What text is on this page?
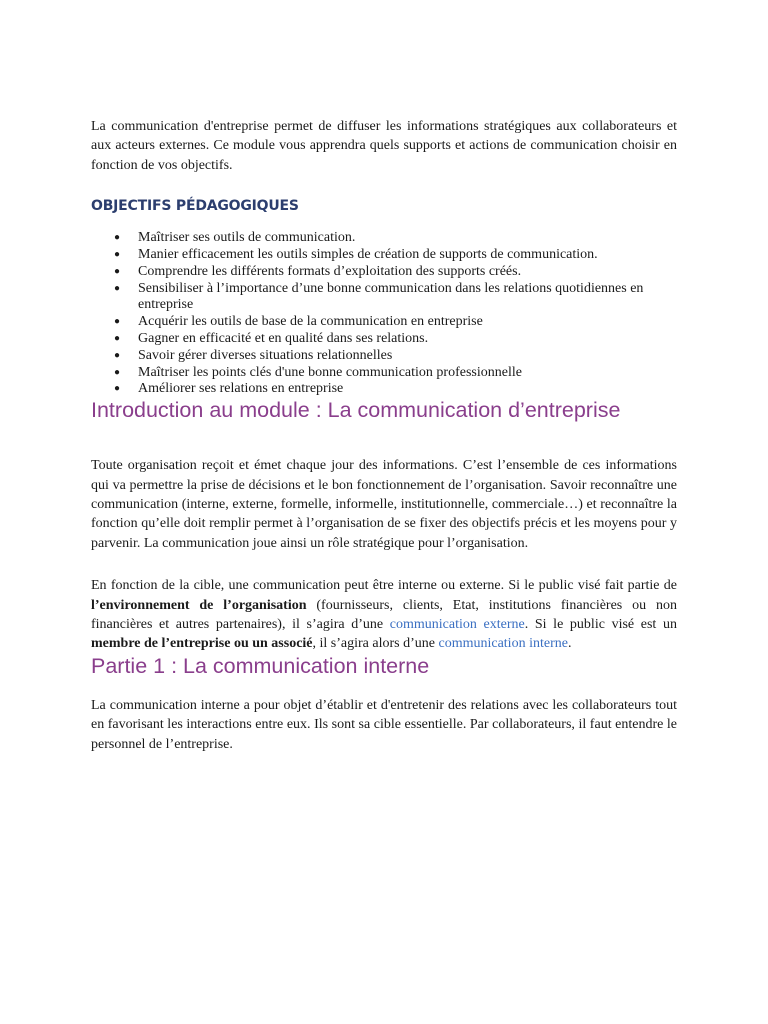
La communication d'entreprise permet de diffuser les informations stratégiques aux collaborateurs et aux acteurs externes. Ce module vous apprendra quels supports et actions de communication choisir en fonction de vos objectifs.

OBJECTIFS PÉDAGOGIQUES
● Maîtriser ses outils de communication.
● Manier efficacement les outils simples de création de supports de communication.
● Comprendre les différents formats d’exploitation des supports créés.
● Sensibiliser à l’importance d’une bonne communication dans les relations quotidiennes en entreprise
● Acquérir les outils de base de la communication en entreprise
● Gagner en efficacité et en qualité dans ses relations.
● Savoir gérer diverses situations relationnelles
● Maîtriser les points clés d'une bonne communication professionnelle
● Améliorer ses relations en entreprise
Introduction au module : La communication d’entreprise

Toute organisation reçoit et émet chaque jour des informations. C’est l’ensemble de ces informations qui va permettre la prise de décisions et le bon fonctionnement de l’organisation. Savoir reconnaître une communication (interne, externe, formelle, informelle, institutionnelle, commerciale…) et reconnaître la fonction qu’elle doit remplir permet à l’organisation de se fixer des objectifs précis et les moyens pour y parvenir. La communication joue ainsi un rôle stratégique pour l’organisation.

En fonction de la cible, une communication peut être interne ou externe. Si le public visé fait partie de l’environnement de l’organisation (fournisseurs, clients, Etat, institutions financières ou non financières et autres partenaires), il s’agira d’une communication externe. Si le public visé est un membre de l’entreprise ou un associé, il s’agira alors d’une communication interne.

Partie 1 : La communication interne

La communication interne a pour objet d’établir et d'entretenir des relations avec les collaborateurs tout en favorisant les interactions entre eux. Ils sont sa cible essentielle. Par collaborateurs, il faut entendre le personnel de l’entreprise.
